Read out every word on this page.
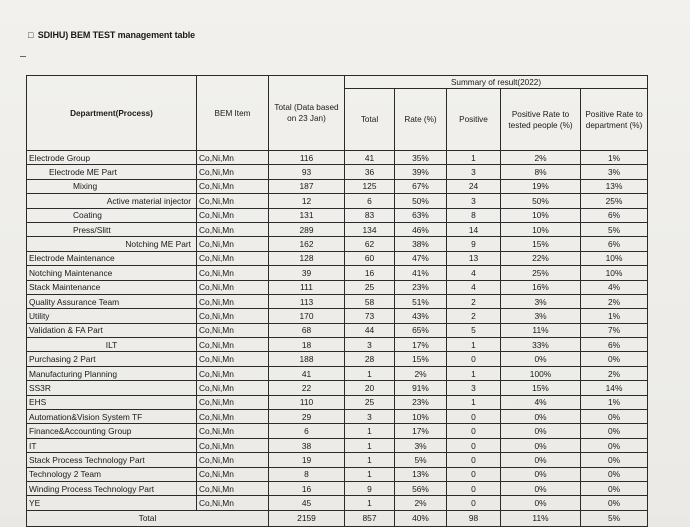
□ SDIHU) BEM TEST management table
Department(Process)	BEM Item	Total (Data based on 23 Jan)	Summary of result(2022)				
			Total	Rate (%)	Positive	Positive Rate to tested people (%)	Positive Rate to department (%)
Electrode Group	Co,Ni,Mn	116	41	35%	1	2%	1%
Electrode ME Part	Co,Ni,Mn	93	36	39%	3	8%	3%
Mixing	Co,Ni,Mn	187	125	67%	24	19%	13%
Active material injector	Co,Ni,Mn	12	6	50%	3	50%	25%
Coating	Co,Ni,Mn	131	83	63%	8	10%	6%
Press/Slitt	Co,Ni,Mn	289	134	46%	14	10%	5%
Notching ME Part	Co,Ni,Mn	162	62	38%	9	15%	6%
Electrode Maintenance	Co,Ni,Mn	128	60	47%	13	22%	10%
Notching Maintenance	Co,Ni,Mn	39	16	41%	4	25%	10%
Stack Maintenance	Co,Ni,Mn	111	25	23%	4	16%	4%
Quality Assurance Team	Co,Ni,Mn	113	58	51%	2	3%	2%
Utility	Co,Ni,Mn	170	73	43%	2	3%	1%
Validation & FA Part	Co,Ni,Mn	68	44	65%	5	11%	7%
ILT	Co,Ni,Mn	18	3	17%	1	33%	6%
Purchasing 2 Part	Co,Ni,Mn	188	28	15%	0	0%	0%
Manufacturing Planning	Co,Ni,Mn	41	1	2%	1	100%	2%
SS3R	Co,Ni,Mn	22	20	91%	3	15%	14%
EHS	Co,Ni,Mn	110	25	23%	1	4%	1%
Automation&Vision System TF	Co,Ni,Mn	29	3	10%	0	0%	0%
Finance&Accounting Group	Co,Ni,Mn	6	1	17%	0	0%	0%
IT	Co,Ni,Mn	38	1	3%	0	0%	0%
Stack Process Technology Part	Co,Ni,Mn	19	1	5%	0	0%	0%
Technology 2 Team	Co,Ni,Mn	8	1	13%	0	0%	0%
Winding Process Technology Part	Co,Ni,Mn	16	9	56%	0	0%	0%
YE	Co,Ni,Mn	45	1	2%	0	0%	0%
Total		2159	857	40%	98	11%	5%
